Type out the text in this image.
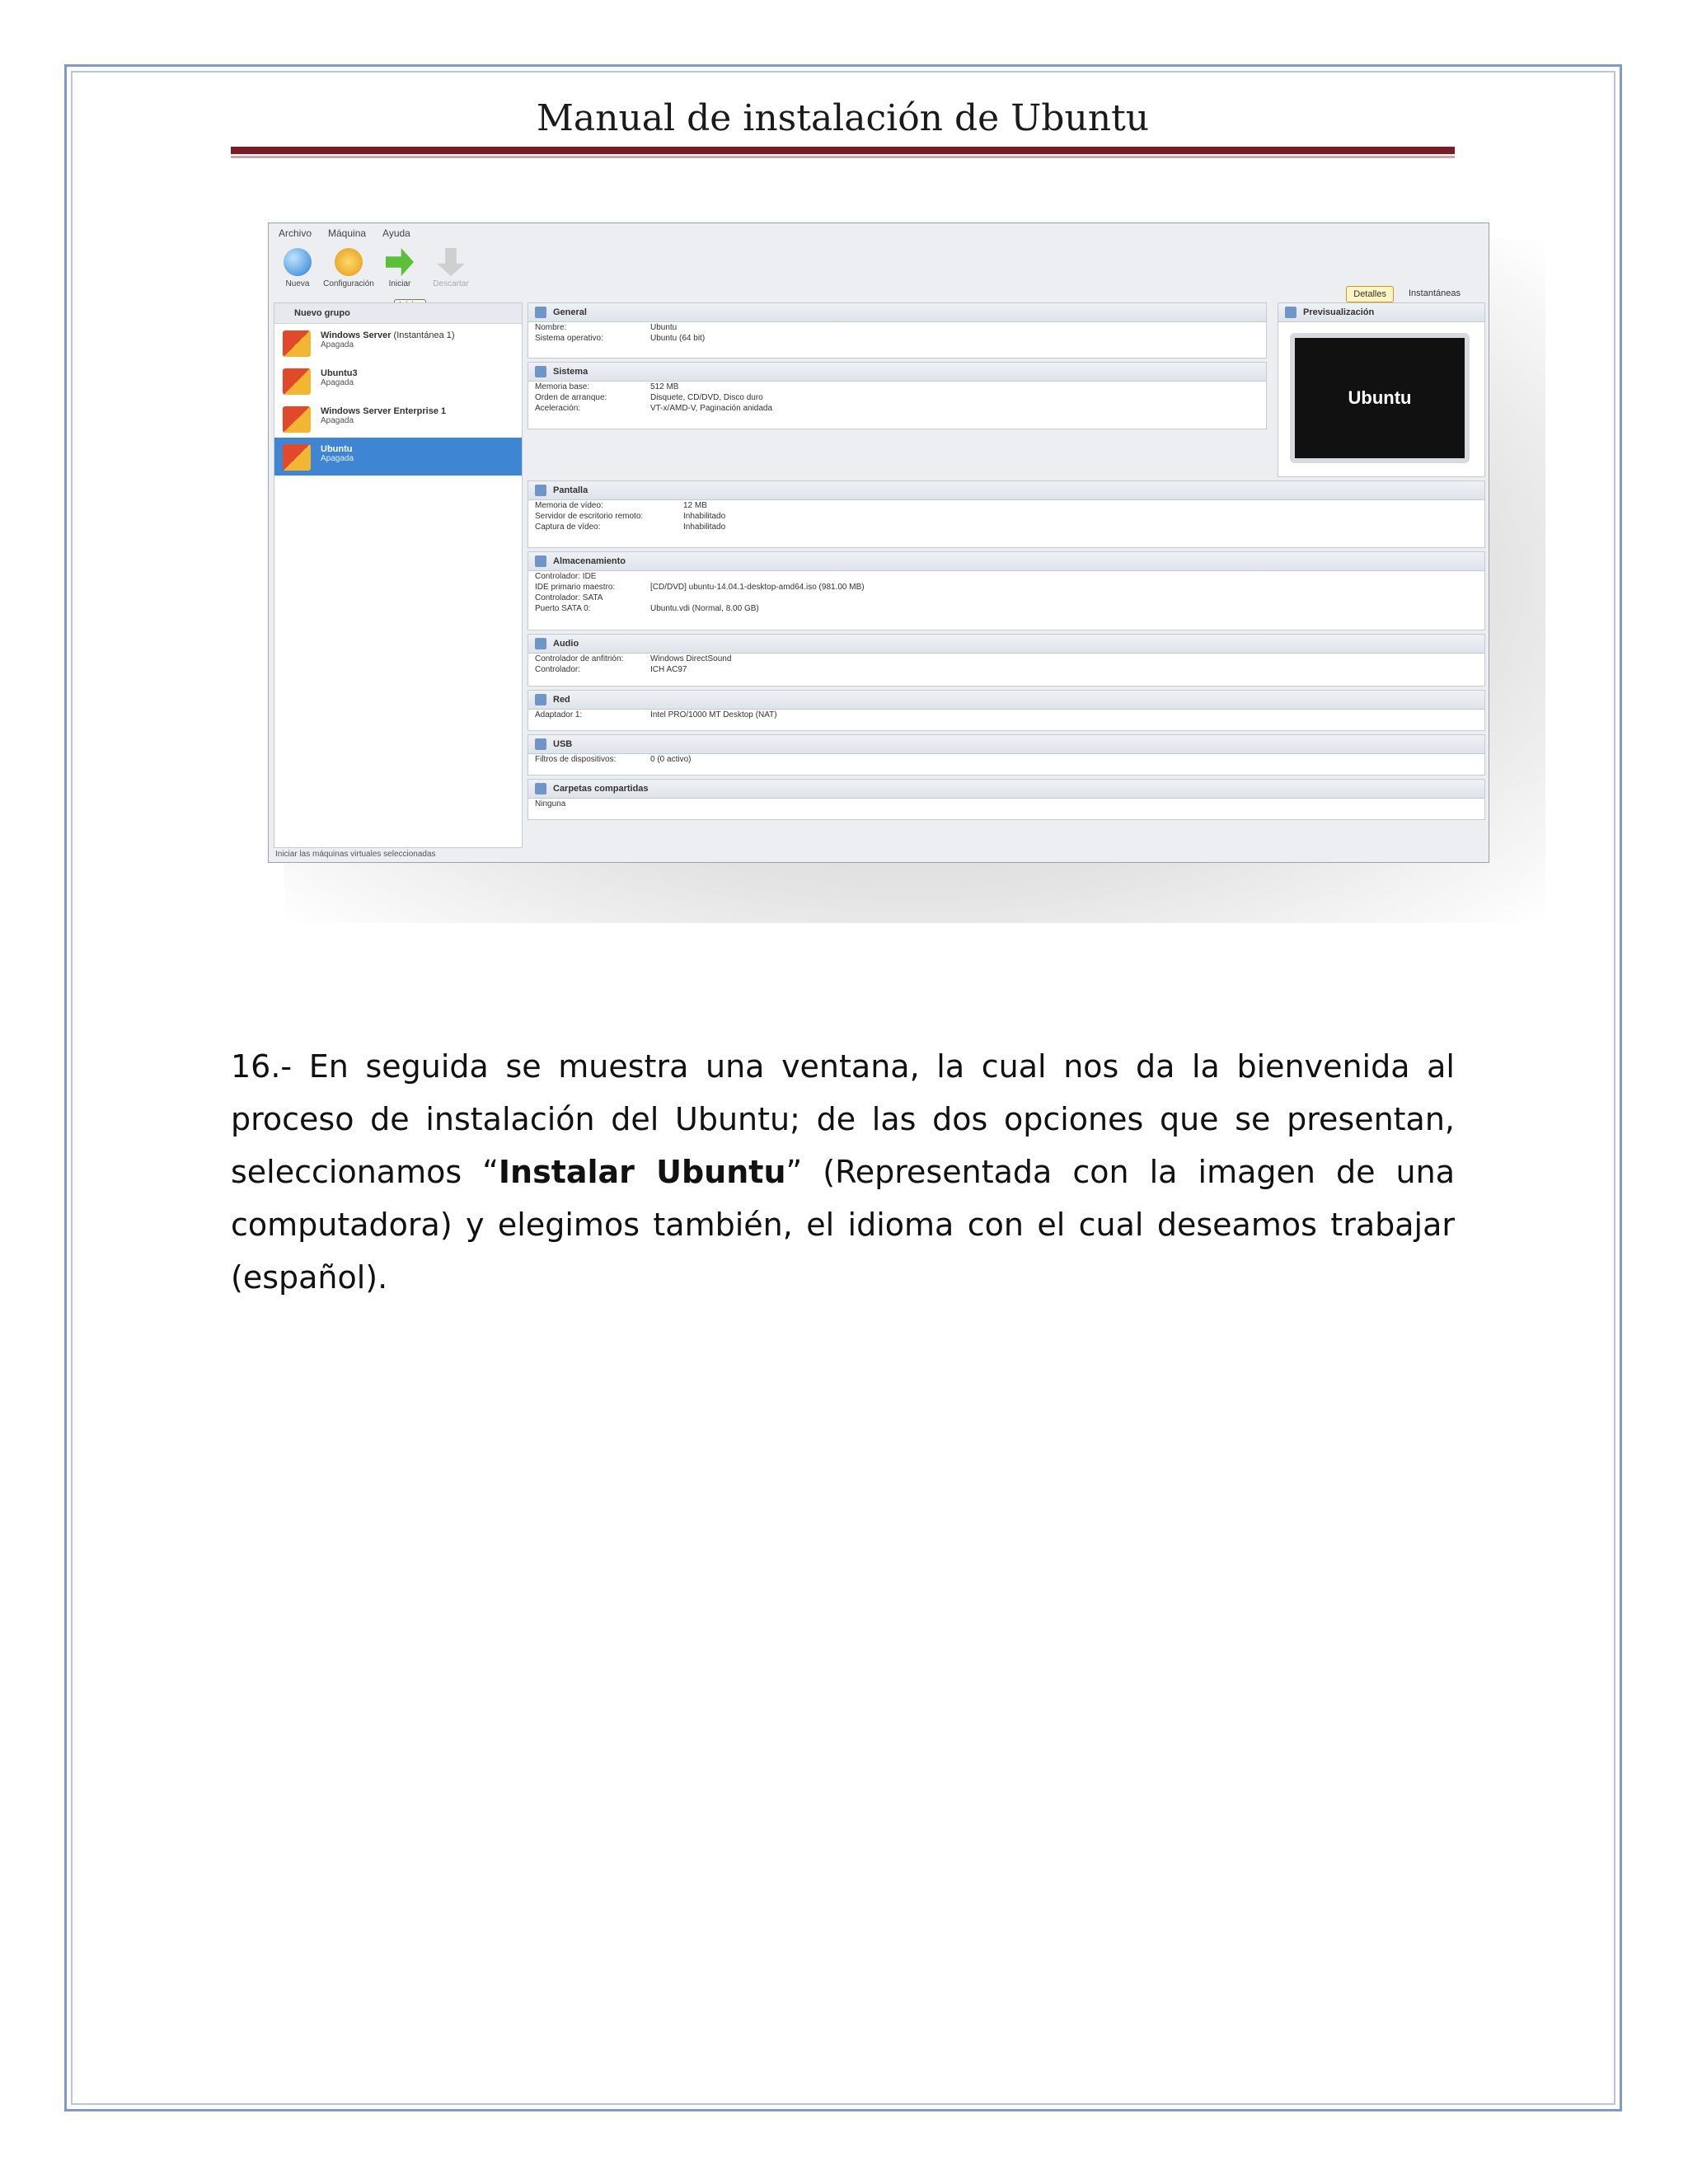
Manual de instalación de Ubuntu
Archivo Máquina Ayuda
Nueva	Configuración	Iniciar	Descartar
Detalles	Instantáneas
Nuevo grupo
Windows Server (Instantánea 1)
Apagada
Ubuntu3
Apagada
Windows Server Enterprise 1
Apagada
Ubuntu
Apagada
General
Nombre:	Ubuntu
Sistema operativo:	Ubuntu (64 bit)
Sistema
Memoria base:	512 MB
Orden de arranque:	Disquete, CD/DVD, Disco duro
Aceleración:	VT-x/AMD-V, Paginación anidada
Previsualización
Ubuntu
Pantalla
Memoria de vídeo:	12 MB
Servidor de escritorio remoto:	Inhabilitado
Captura de vídeo:	Inhabilitado
Almacenamiento
Controlador: IDE
IDE primario maestro:	[CD/DVD] ubuntu-14.04.1-desktop-amd64.iso (981.00 MB)
Controlador: SATA
Puerto SATA 0:	Ubuntu.vdi (Normal, 8.00 GB)
Audio
Controlador de anfitrión:	Windows DirectSound
Controlador:	ICH AC97
Red
Adaptador 1:	Intel PRO/1000 MT Desktop (NAT)
USB
Filtros de dispositivos:	0 (0 activo)
Carpetas compartidas
Ninguna
Iniciar las máquinas virtuales seleccionadas
16.- En seguida se muestra una ventana, la cual nos da la bienvenida al proceso de instalación del Ubuntu; de las dos opciones que se presentan, seleccionamos “Instalar Ubuntu” (Representada con la imagen de una computadora) y elegimos también, el idioma con el cual deseamos trabajar (español).
